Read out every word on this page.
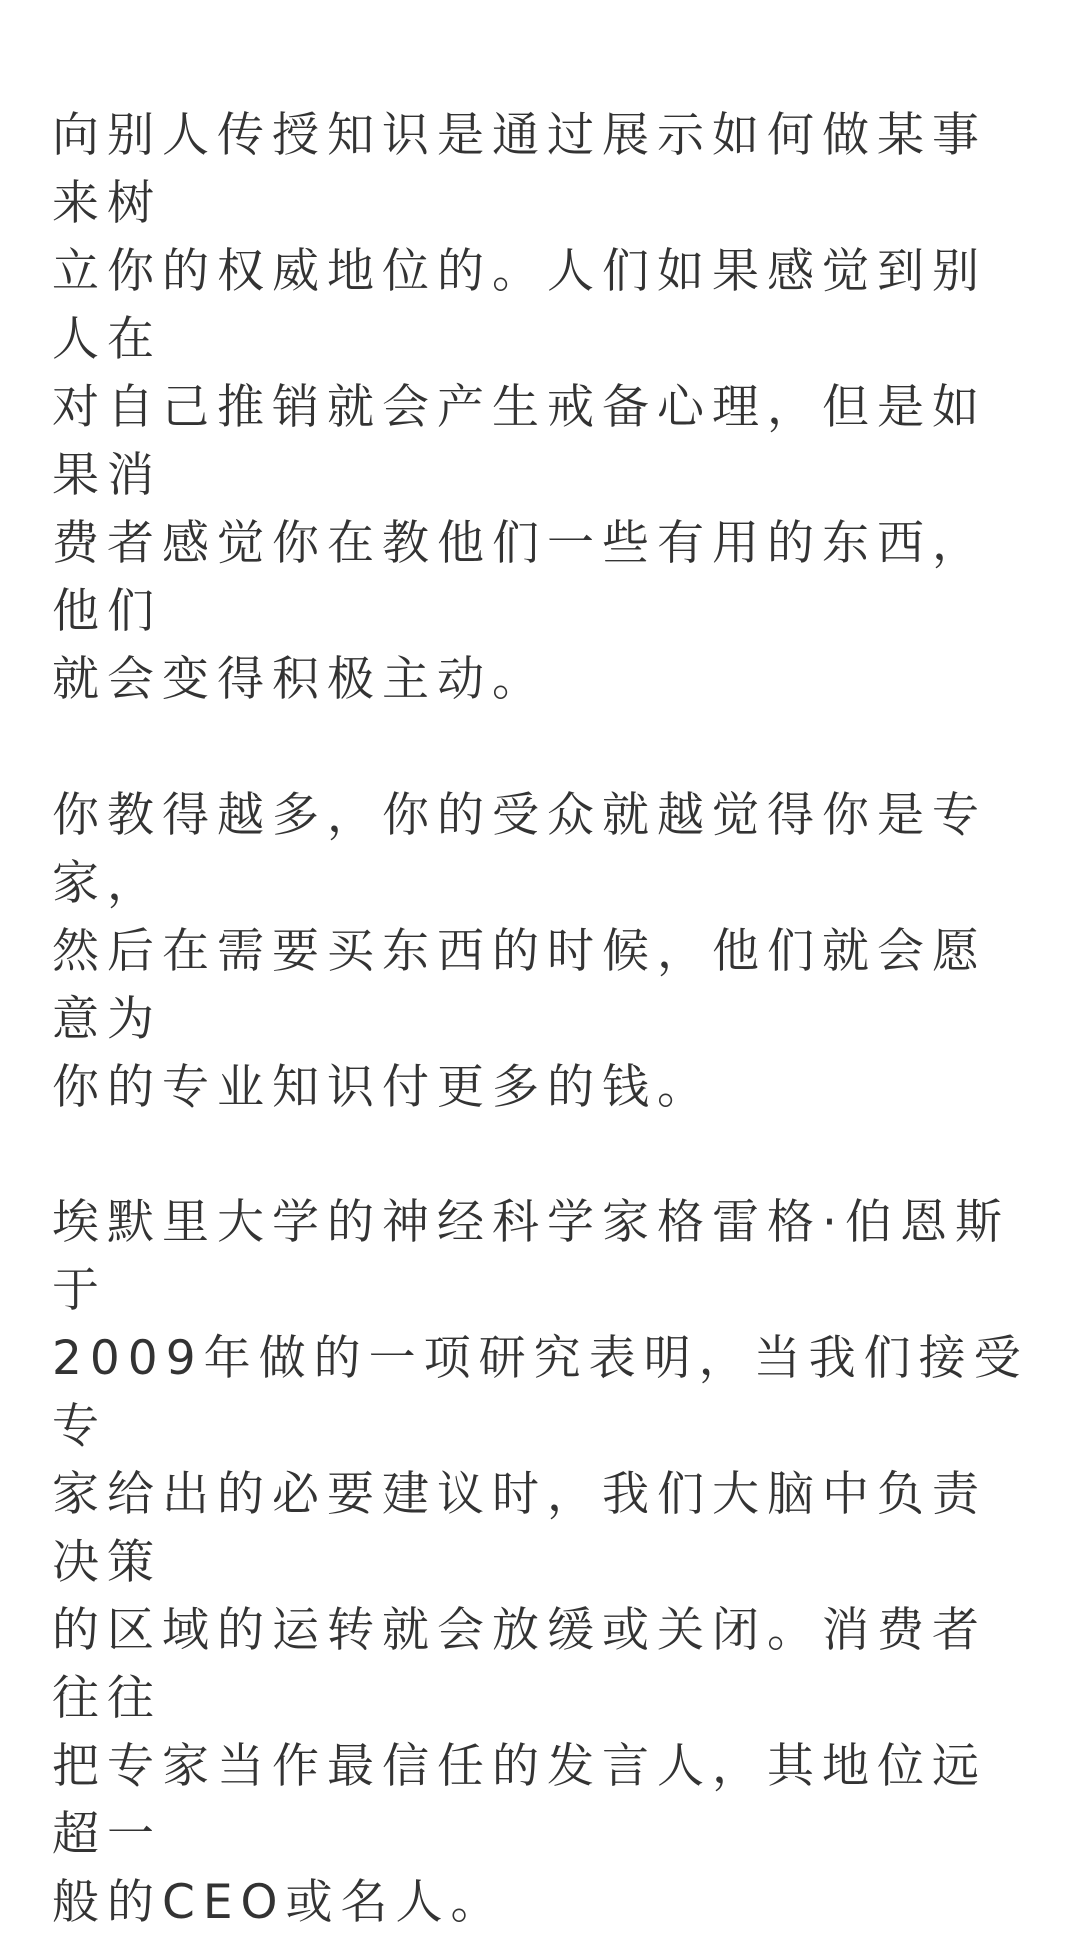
向别人传授知识是通过展示如何做某事来树
立你的权威地位的。人们如果感觉到别人在
对自己推销就会产生戒备心理，但是如果消
费者感觉你在教他们一些有用的东西，他们
就会变得积极主动。

你教得越多，你的受众就越觉得你是专家，
然后在需要买东西的时候，他们就会愿意为
你的专业知识付更多的钱。

埃默里大学的神经科学家格雷格·伯恩斯于
2009年做的一项研究表明，当我们接受专
家给出的必要建议时，我们大脑中负责决策
的区域的运转就会放缓或关闭。消费者往往
把专家当作最信任的发言人，其地位远超一
般的CEO或名人。
